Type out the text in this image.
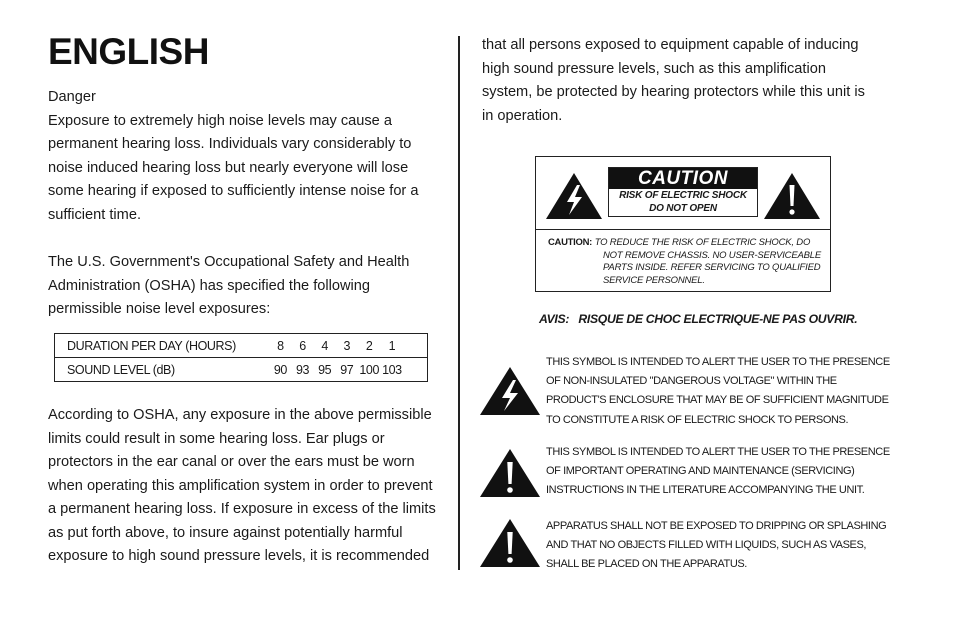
ENGLISH

Danger
Exposure to extremely high noise levels may cause a
permanent hearing loss. Individuals vary considerably to
noise induced hearing loss but nearly everyone will lose
some hearing if exposed to sufficiently intense noise for a
sufficient time.

The U.S. Government's Occupational Safety and Health
Administration (OSHA) has specified the following
permissible noise level exposures:

DURATION PER DAY (HOURS)		8	6	4	3	2	1	
SOUND LEVEL (dB)		90	93	95	97	100	103	

According to OSHA, any exposure in the above permissible
limits could result in some hearing loss. Ear plugs or
protectors in the ear canal or over the ears must be worn
when operating this amplification system in order to prevent
a permanent hearing loss. If exposure in excess of the limits
as put forth above, to insure against potentially harmful
exposure to high sound pressure levels, it is recommended

that all persons exposed to equipment capable of inducing
high sound pressure levels, such as this amplification
system, be protected by hearing protectors while this unit is
in operation.

CAUTION
RISK OF ELECTRIC SHOCK
DO NOT OPEN
CAUTION: TO REDUCE THE RISK OF ELECTRIC SHOCK, DO
NOT REMOVE CHASSIS. NO USER-SERVICEABLE
PARTS INSIDE. REFER SERVICING TO QUALIFIED
SERVICE PERSONNEL.
AVIS:   RISQUE DE CHOC ELECTRIQUE-NE PAS OUVRIR.
THIS SYMBOL IS INTENDED TO ALERT THE USER TO THE PRESENCE
OF NON-INSULATED "DANGEROUS VOLTAGE" WITHIN THE
PRODUCT'S ENCLOSURE THAT MAY BE OF SUFFICIENT MAGNITUDE
TO CONSTITUTE A RISK OF ELECTRIC SHOCK TO PERSONS.
THIS SYMBOL IS INTENDED TO ALERT THE USER TO THE PRESENCE
OF IMPORTANT OPERATING AND MAINTENANCE (SERVICING)
INSTRUCTIONS IN THE LITERATURE ACCOMPANYING THE UNIT.
APPARATUS SHALL NOT BE EXPOSED TO DRIPPING OR SPLASHING
AND THAT NO OBJECTS FILLED WITH LIQUIDS, SUCH AS VASES,
SHALL BE PLACED ON THE APPARATUS.
